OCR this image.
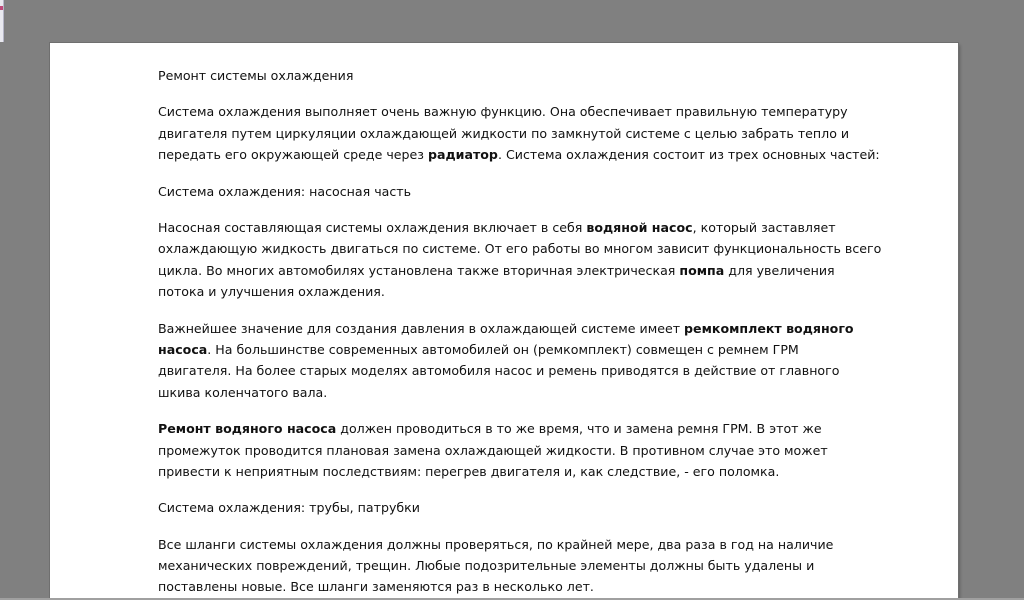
Ремонт системы охлаждения

Система охлаждения выполняет очень важную функцию. Она обеспечивает правильную температуру
двигателя путем циркуляции охлаждающей жидкости по замкнутой системе с целью забрать тепло и
передать его окружающей среде через радиатор. Система охлаждения состоит из трех основных частей:

Система охлаждения: насосная часть

Насосная составляющая системы охлаждения включает в себя водяной насос, который заставляет
охлаждающую жидкость двигаться по системе. От его работы во многом зависит функциональность всего
цикла. Во многих автомобилях установлена также вторичная электрическая помпа для увеличения
потока и улучшения охлаждения.

Важнейшее значение для создания давления в охлаждающей системе имеет ремкомплект водяного
насоса. На большинстве современных автомобилей он (ремкомплект) совмещен с ремнем ГРМ
двигателя. На более старых моделях автомобиля насос и ремень приводятся в действие от главного
шкива коленчатого вала.

Ремонт водяного насоса должен проводиться в то же время, что и замена ремня ГРМ. В этот же
промежуток проводится плановая замена охлаждающей жидкости. В противном случае это может
привести к неприятным последствиям: перегрев двигателя и, как следствие, - его поломка.

Система охлаждения: трубы, патрубки

Все шланги системы охлаждения должны проверяться, по крайней мере, два раза в год на наличие
механических повреждений, трещин. Любые подозрительные элементы должны быть удалены и
поставлены новые. Все шланги заменяются раз в несколько лет.
